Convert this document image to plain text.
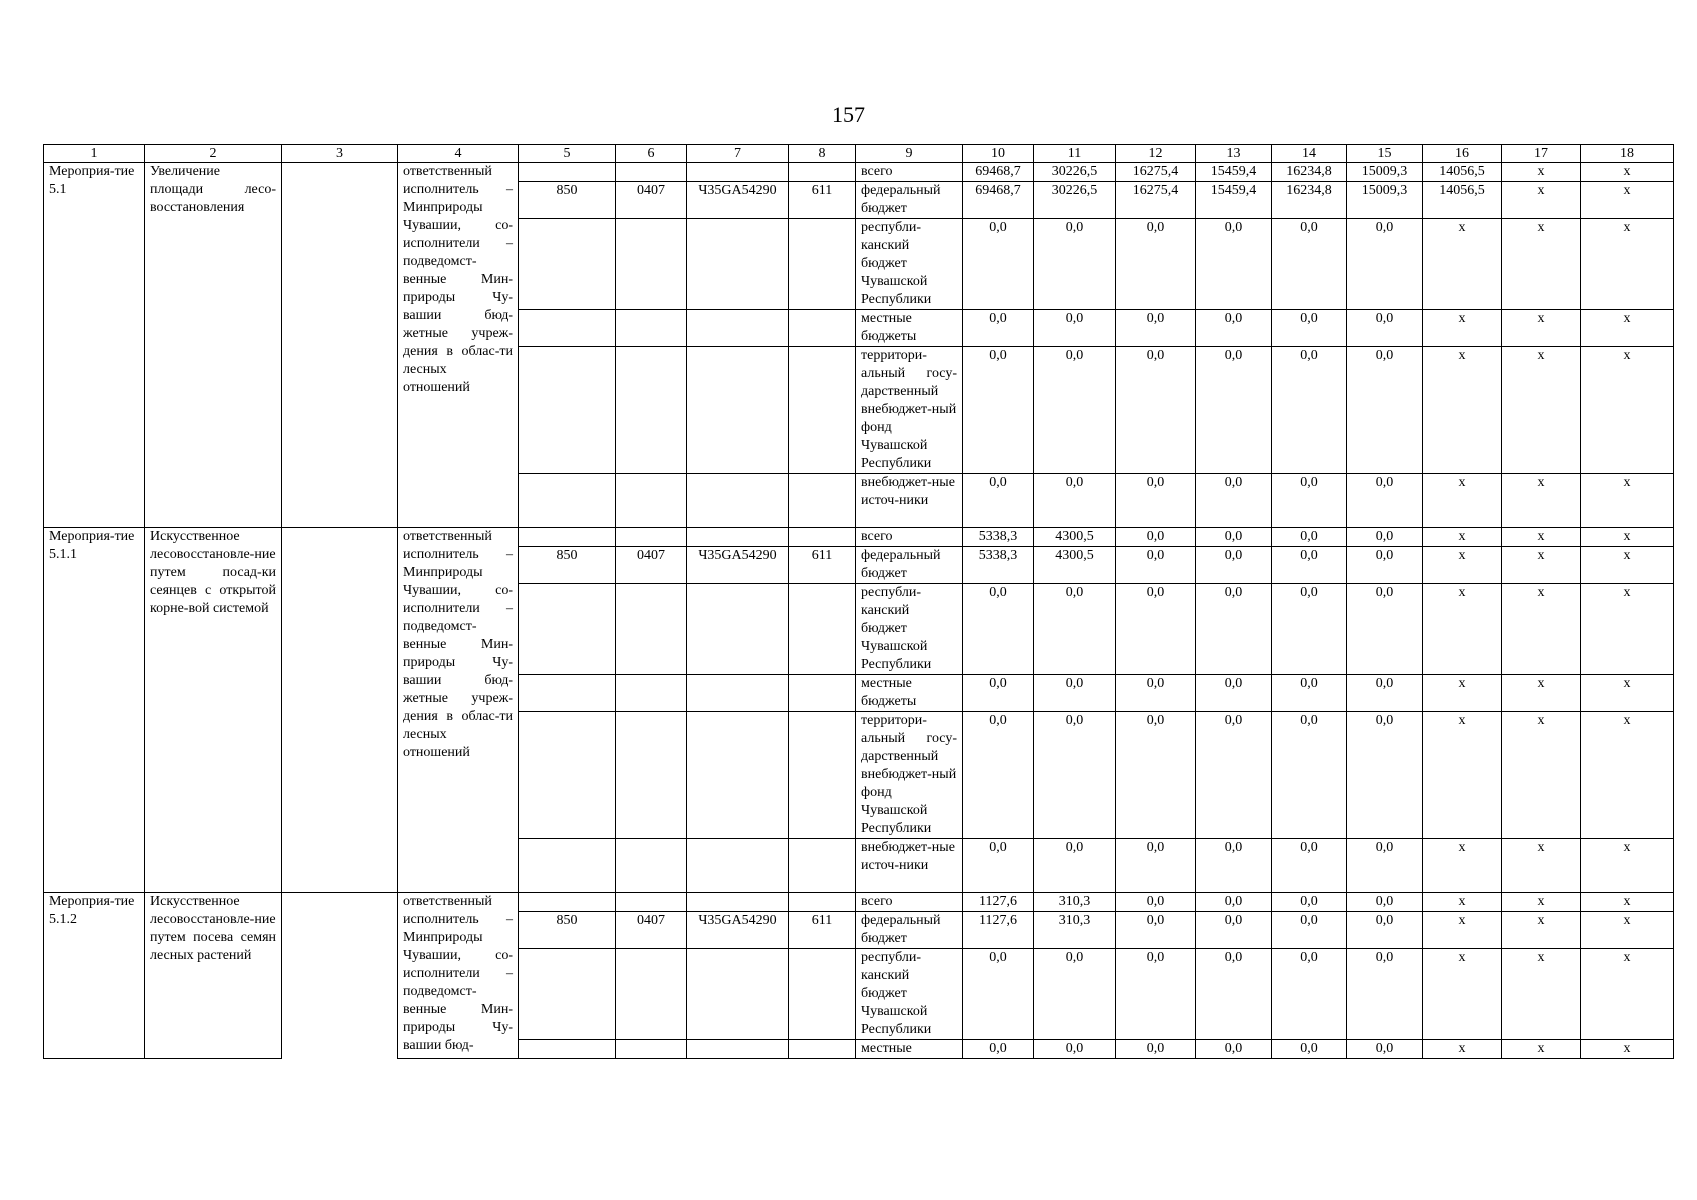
157
1	2	3	4	5	6	7	8	9	10	11	12	13	14	15	16	17	18
Мероприя-тие 5.1	Увеличение площади лесо-восстановления		ответственный исполнитель – Минприроды Чувашии, со-исполнители – подведомст-венные Мин-природы Чу-вашии бюд-жетные учреж-дения в облас-ти лесных отношений					всего	69468,7	30226,5	16275,4	15459,4	16234,8	15009,3	14056,5	x	x
				850	0407	Ч35GA54290	611	федеральный бюджет	69468,7	30226,5	16275,4	15459,4	16234,8	15009,3	14056,5	x	x
								республи-канский бюджет Чувашской Республики	0,0	0,0	0,0	0,0	0,0	0,0	x	x	x
								местные бюджеты	0,0	0,0	0,0	0,0	0,0	0,0	x	x	x
								территори-альный госу-дарственный внебюджет-ный фонд Чувашской Республики	0,0	0,0	0,0	0,0	0,0	0,0	x	x	x
								внебюджет-ные источ-ники	0,0	0,0	0,0	0,0	0,0	0,0	x	x	x
Мероприя-тие 5.1.1	Искусственное лесовосстановле-ние путем посад-ки сеянцев с открытой корне-вой системой		ответственный исполнитель – Минприроды Чувашии, со-исполнители – подведомст-венные Мин-природы Чу-вашии бюд-жетные учреж-дения в облас-ти лесных отношений					всего	5338,3	4300,5	0,0	0,0	0,0	0,0	x	x	x
				850	0407	Ч35GA54290	611	федеральный бюджет	5338,3	4300,5	0,0	0,0	0,0	0,0	x	x	x
								республи-канский бюджет Чувашской Республики	0,0	0,0	0,0	0,0	0,0	0,0	x	x	x
								местные бюджеты	0,0	0,0	0,0	0,0	0,0	0,0	x	x	x
								территори-альный госу-дарственный внебюджет-ный фонд Чувашской Республики	0,0	0,0	0,0	0,0	0,0	0,0	x	x	x
								внебюджет-ные источ-ники	0,0	0,0	0,0	0,0	0,0	0,0	x	x	x
Мероприя-тие 5.1.2	Искусственное лесовосстановле-ние путем посева семян лесных растений		ответственный исполнитель – Минприроды Чувашии, со-исполнители – подведомст-венные Мин-природы Чу-вашии бюд-					всего	1127,6	310,3	0,0	0,0	0,0	0,0	x	x	x
				850	0407	Ч35GA54290	611	федеральный бюджет	1127,6	310,3	0,0	0,0	0,0	0,0	x	x	x
								республи-канский бюджет Чувашской Республики	0,0	0,0	0,0	0,0	0,0	0,0	x	x	x
								местные	0,0	0,0	0,0	0,0	0,0	0,0	x	x	x
